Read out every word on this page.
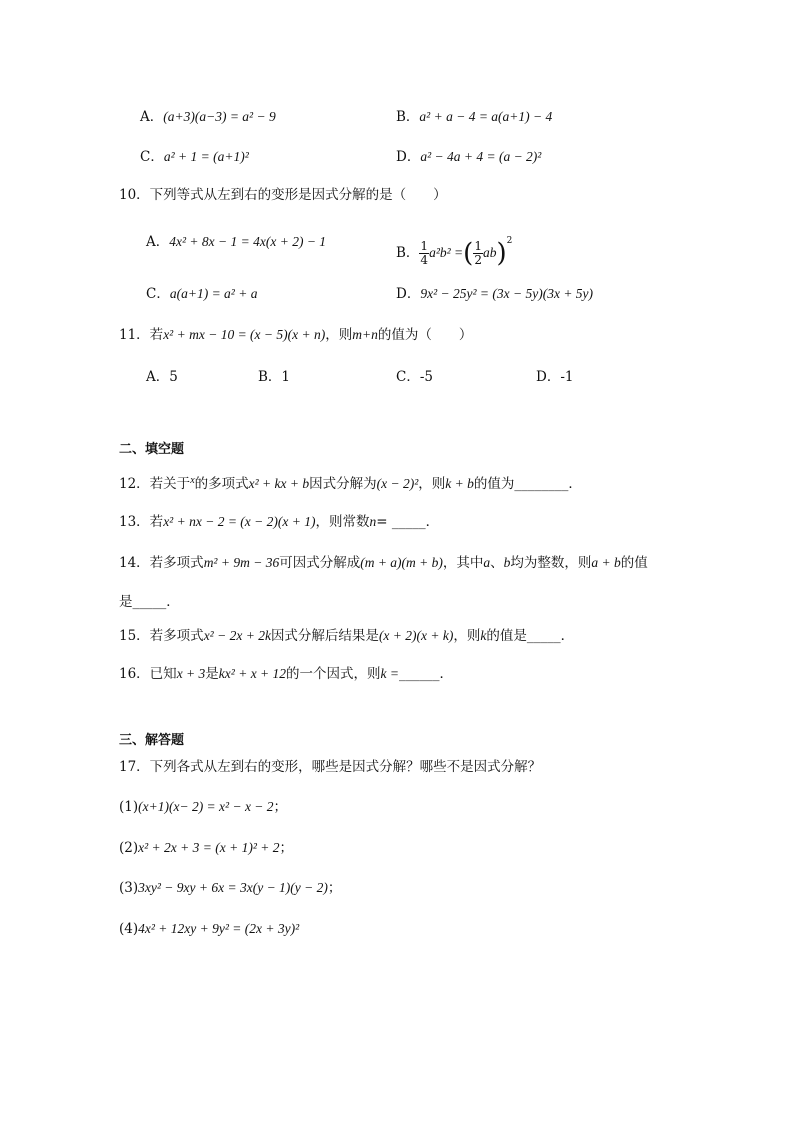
A．(a+3)(a−3) = a² − 9	B．a² + a − 4 = a(a+1) − 4
C．a² + 1 = (a+1)²	D．a² − 4a + 4 = (a − 2)²
10．下列等式从左到右的变形是因式分解的是（　　）
A．4x² + 8x − 1 = 4x(x + 2) − 1
B． $\frac{1}{4} a^2b^2$ =( $\frac{1}{2} ab)^2$
C．a(a+1) = a² + a	D．9x² − 25y² = (3x − 5y)(3x + 5y)
11．若x² + mx − 10 = (x − 5)(x + n)，则m+n的值为（　　）
A．5	B．1	C．-5	D．-1
二、填空题
12．若关于$^x$的多项式x² + kx + b因式分解为(x − 2)²，则k + b的值为________．
13．若x² + nx − 2 = (x − 2)(x + 1)，则常数n= _____．
14．若多项式m² + 9m − 36可因式分解成(m + a)(m + b)，其中a、b均为整数，则a + b的值
是_____．
15．若多项式x² − 2x + 2k因式分解后结果是(x + 2)(x + k)，则k的值是_____．
16．已知x + 3是kx² + x + 12的一个因式，则k =______．
三、解答题
17．下列各式从左到右的变形，哪些是因式分解？哪些不是因式分解？
(1)(x+1)(x− 2) = x² − x − 2；
(2)x² + 2x + 3 = (x + 1)² + 2；
(3)3xy² − 9xy + 6x = 3x(y − 1)(y − 2)；
(4)4x² + 12xy + 9y² = (2x + 3y)²
